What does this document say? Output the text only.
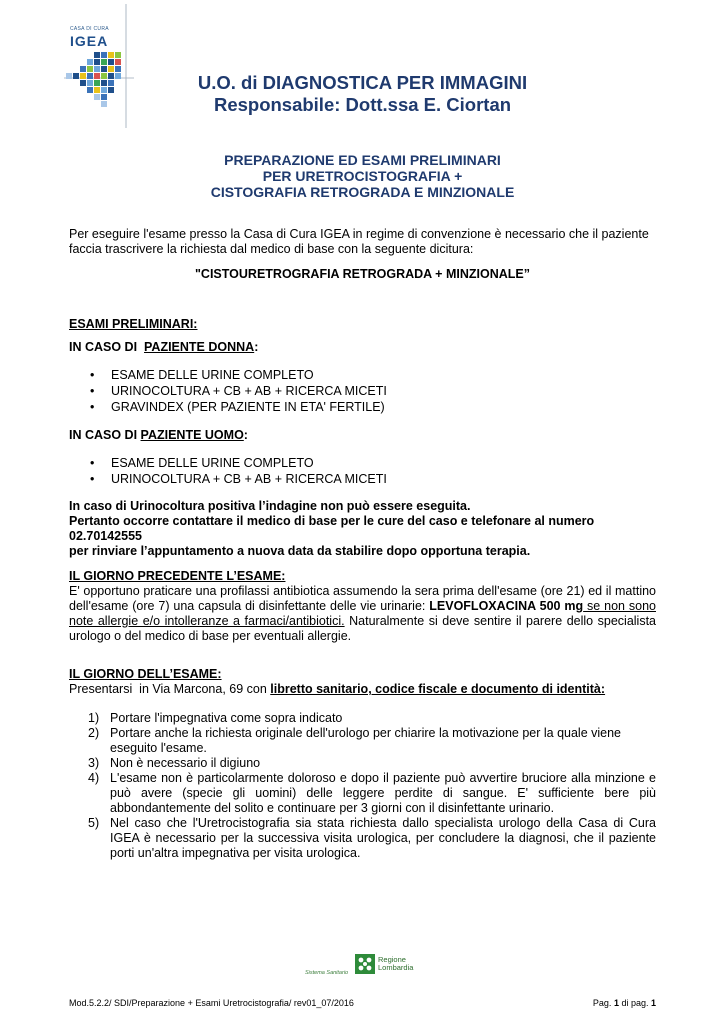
CASA DI CURA
IGEA
U.O. di DIAGNOSTICA PER IMMAGINI
Responsabile: Dott.ssa E. Ciortan
PREPARAZIONE ED ESAMI PRELIMINARI
PER URETROCISTOGRAFIA +
CISTOGRAFIA RETROGRADA E MINZIONALE
Per eseguire l'esame presso la Casa di Cura IGEA in regime di convenzione è necessario che il paziente
faccia trascrivere la richiesta dal medico di base con la seguente dicitura:
"CISTOURETROGRAFIA RETROGRADA + MINZIONALE”
ESAMI PRELIMINARI:
IN CASO DI  PAZIENTE DONNA:
• ESAME DELLE URINE COMPLETO
• URINOCOLTURA + CB + AB + RICERCA MICETI
• GRAVINDEX (PER PAZIENTE IN ETA' FERTILE)
IN CASO DI PAZIENTE UOMO:
• ESAME DELLE URINE COMPLETO
• URINOCOLTURA + CB + AB + RICERCA MICETI
In caso di Urinocoltura positiva l’indagine non può essere eseguita.
Pertanto occorre contattare il medico di base per le cure del caso e telefonare al numero 02.70142555
per rinviare l’appuntamento a nuova data da stabilire dopo opportuna terapia.
IL GIORNO PRECEDENTE L’ESAME:
E' opportuno praticare una profilassi antibiotica assumendo la sera prima dell'esame (ore 21) ed il mattino dell'esame (ore 7) una capsula di disinfettante delle vie urinarie: LEVOFLOXACINA 500 mg se non sono note allergie e/o intolleranze a farmaci/antibiotici. Naturalmente si deve sentire il parere dello specialista urologo o del medico di base per eventuali allergie.
IL GIORNO DELL’ESAME:
Presentarsi  in Via Marcona, 69 con libretto sanitario, codice fiscale e documento di identità:
1) Portare l'impegnativa come sopra indicato
2) Portare anche la richiesta originale dell'urologo per chiarire la motivazione per la quale viene eseguito l'esame.
3) Non è necessario il digiuno
4) L'esame non è particolarmente doloroso e dopo il paziente può avvertire bruciore alla minzione e può avere (specie gli uomini) delle leggere perdite di sangue. E' sufficiente bere più abbondantemente del solito e continuare per 3 giorni con il disinfettante urinario.
5) Nel caso che l'Uretrocistografia sia stata richiesta dallo specialista urologo della Casa di Cura IGEA è necessario per la successiva visita urologica, per concludere la diagnosi, che il paziente porti un'altra impegnativa per visita urologica.
Sistema Sanitario
Regione
Lombardia
Mod.5.2.2/ SDI/Preparazione + Esami Uretrocistografia/ rev01_07/2016	Pag. 1 di pag. 1
